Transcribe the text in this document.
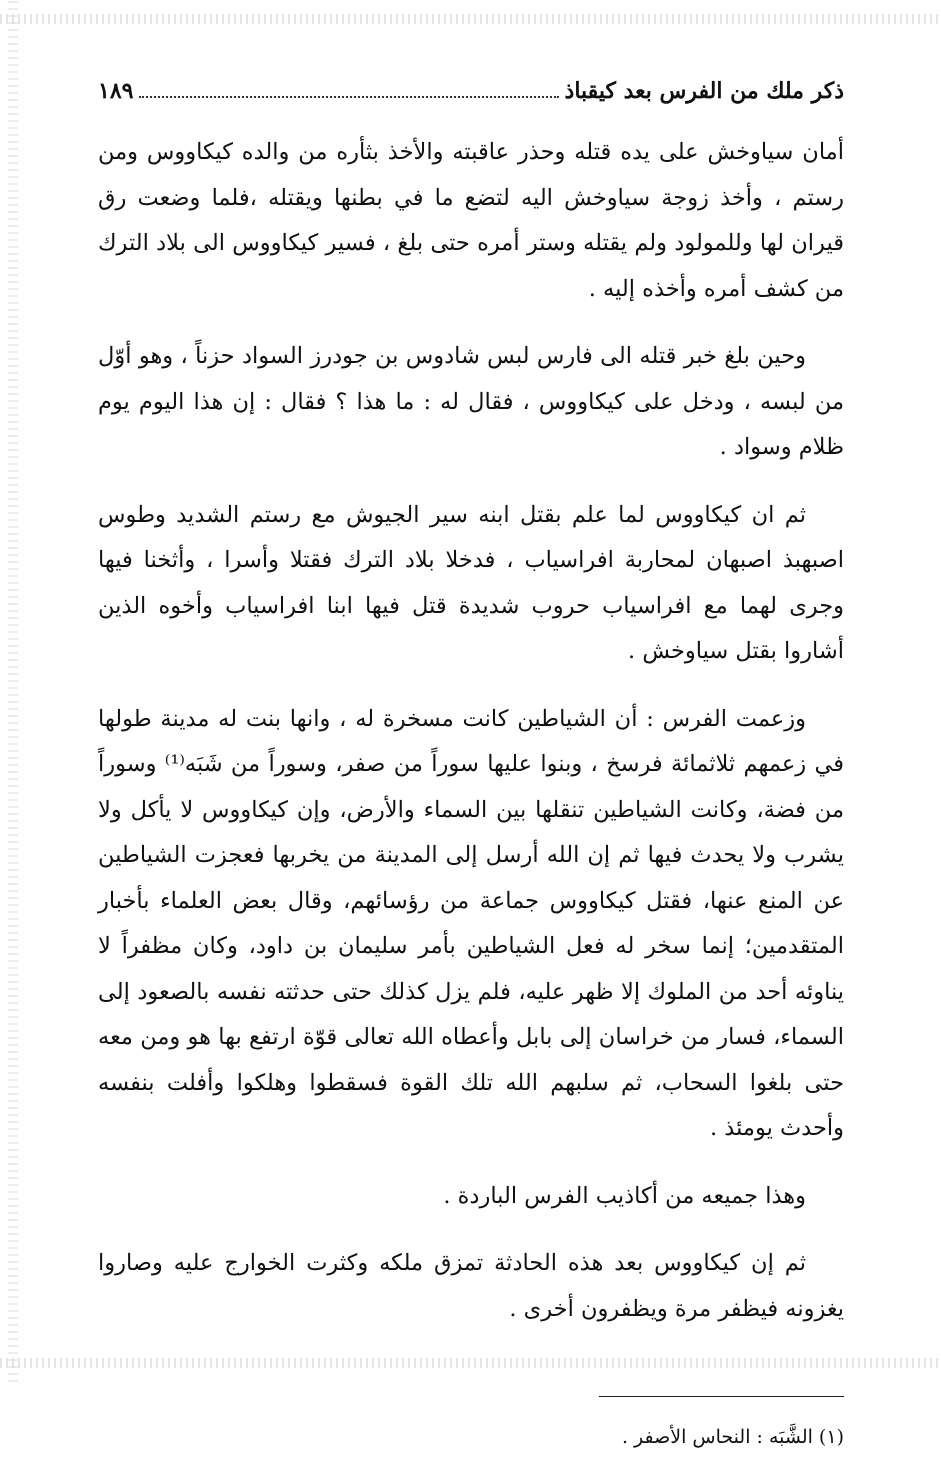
ذكر ملك من الفرس بعد كيقباذ
١٨٩

أمان سياوخش على يده قتله وحذر عاقبته والأخذ بثأره من والده كيكاووس ومن رستم ، وأخذ زوجة سياوخش اليه لتضع ما في بطنها ويقتله ،فلما وضعت رق قيران لها وللمولود ولم يقتله وستر أمره حتى بلغ ، فسير كيكاووس الى بلاد الترك من كشف أمره وأخذه إليه .

وحين بلغ خبر قتله الى فارس لبس شادوس بن جودرز السواد حزناً ، وهو أوّل من لبسه ، ودخل على كيكاووس ، فقال له : ما هذا ؟ فقال : إن هذا اليوم يوم ظلام وسواد .

ثم ان كيكاووس لما علم بقتل ابنه سير الجيوش مع رستم الشديد وطوس اصبهبذ اصبهان لمحاربة افراسياب ، فدخلا بلاد الترك فقتلا وأسرا ، وأثخنا فيها وجرى لهما مع افراسياب حروب شديدة قتل فيها ابنا افراسياب وأخوه الذين أشاروا بقتل سياوخش .

وزعمت الفرس : أن الشياطين كانت مسخرة له ، وانها بنت له مدينة طولها في زعمهم ثلاثمائة فرسخ ، وبنوا عليها سوراً من صفر، وسوراً من شَبَه⁽¹⁾ وسوراً من فضة، وكانت الشياطين تنقلها بين السماء والأرض، وإن كيكاووس لا يأكل ولا يشرب ولا يحدث فيها ثم إن الله أرسل إلى المدينة من يخربها فعجزت الشياطين عن المنع عنها، فقتل كيكاووس جماعة من رؤسائهم، وقال بعض العلماء بأخبار المتقدمين؛ إنما سخر له فعل الشياطين بأمر سليمان بن داود، وكان مظفراً لا يناوئه أحد من الملوك إلا ظهر عليه، فلم يزل كذلك حتى حدثته نفسه بالصعود إلى السماء، فسار من خراسان إلى بابل وأعطاه الله تعالى قوّة ارتفع بها هو ومن معه حتى بلغوا السحاب، ثم سلبهم الله تلك القوة فسقطوا وهلكوا وأفلت بنفسه وأحدث يومئذ .

وهذا جميعه من أكاذيب الفرس الباردة .

ثم إن كيكاووس بعد هذه الحادثة تمزق ملكه وكثرت الخوارج عليه وصاروا يغزونه فيظفر مرة ويظفرون أخرى .

(١) الشَّبَه : النحاس الأصفر .
